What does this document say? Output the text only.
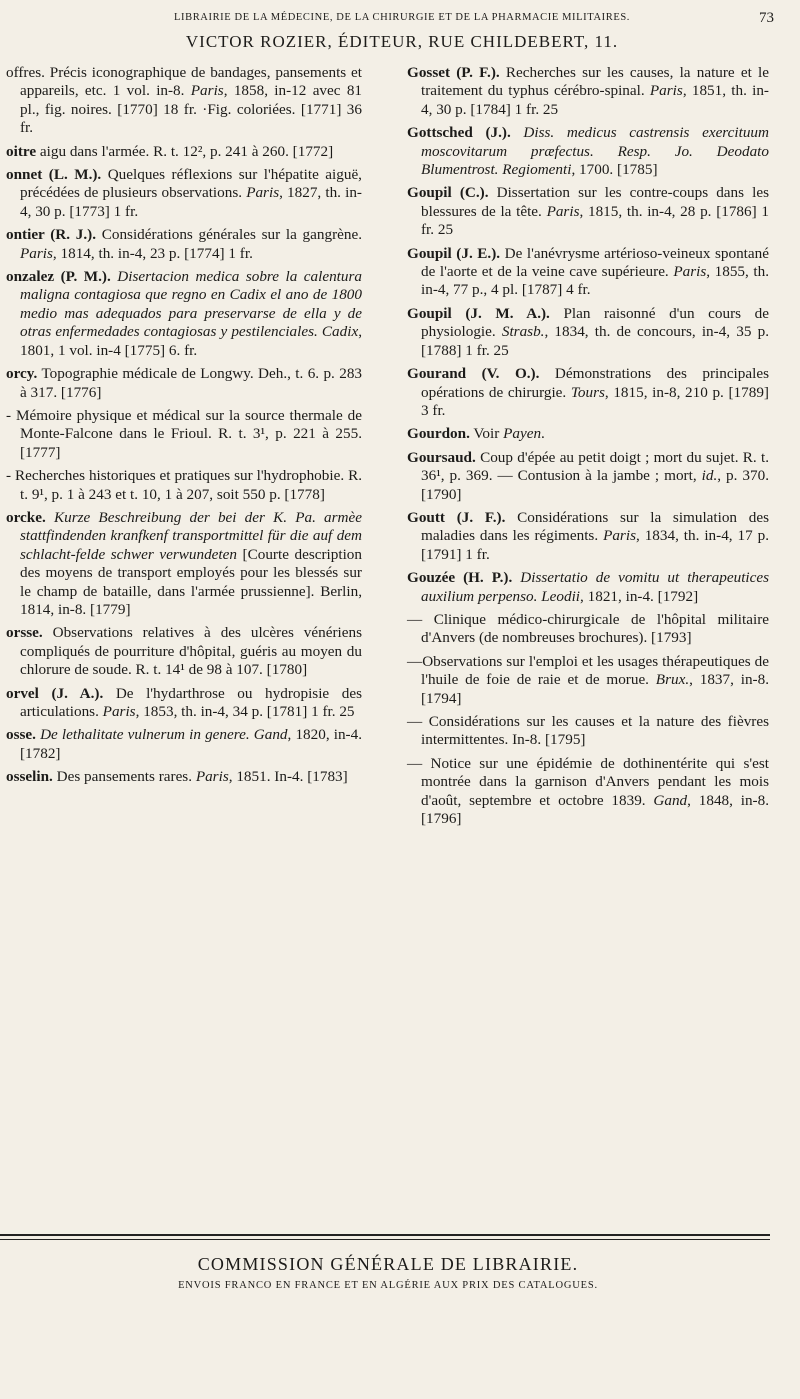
LIBRAIRIE DE LA MÉDECINE, DE LA CHIRURGIE ET DE LA PHARMACIE MILITAIRES.	73
VICTOR ROZIER, ÉDITEUR, RUE CHILDEBERT, 11.

offres. Précis iconographique de bandages, pansements et appareils, etc. 1 vol. in-8. Paris, 1858, in-12 avec 81 pl., fig. noires. [1770] 18 fr. ·Fig. coloriées. [1771] 36 fr.

oitre aigu dans l'armée. R. t. 12², p. 241 à 260. [1772]

onnet (L. M.). Quelques réflexions sur l'hépatite aiguë, précédées de plusieurs observations. Paris, 1827, th. in-4, 30 p. [1773] 1 fr.

ontier (R. J.). Considérations générales sur la gangrène. Paris, 1814, th. in-4, 23 p. [1774] 1 fr.

onzalez (P. M.). Disertacion medica sobre la calentura maligna contagiosa que regno en Cadix el ano de 1800 medio mas adequados para preservarse de ella y de otras enfermedades contagiosas y pestilenciales. Cadix, 1801, 1 vol. in-4 [1775] 6. fr.

orcy. Topographie médicale de Longwy. Deh., t. 6. p. 283 à 317. [1776]

- Mémoire physique et médical sur la source thermale de Monte-Falcone dans le Frioul. R. t. 3¹, p. 221 à 255. [1777]

- Recherches historiques et pratiques sur l'hydrophobie. R. t. 9¹, p. 1 à 243 et t. 10, 1 à 207, soit 550 p. [1778]

orcke. Kurze Beschreibung der bei der K. Pa. armèe stattfindenden kranfkenf transportmittel für die auf dem schlacht-felde schwer verwundeten [Courte description des moyens de transport employés pour les blessés sur le champ de bataille, dans l'armée prussienne]. Berlin, 1814, in-8. [1779]

orsse. Observations relatives à des ulcères vénériens compliqués de pourriture d'hôpital, guéris au moyen du chlorure de soude. R. t. 14¹ de 98 à 107. [1780]

orvel (J. A.). De l'hydarthrose ou hydropisie des articulations. Paris, 1853, th. in-4, 34 p. [1781] 1 fr. 25

osse. De lethalitate vulnerum in genere. Gand, 1820, in-4. [1782]

osselin. Des pansements rares. Paris, 1851. In-4. [1783]

Gosset (P. F.). Recherches sur les causes, la nature et le traitement du typhus cérébro-spinal. Paris, 1851, th. in-4, 30 p. [1784] 1 fr. 25

Gottsched (J.). Diss. medicus castrensis exercituum moscovitarum præfectus. Resp. Jo. Deodato Blumentrost. Regiomenti, 1700. [1785]

Goupil (C.). Dissertation sur les contre-coups dans les blessures de la tête. Paris, 1815, th. in-4, 28 p. [1786] 1 fr. 25

Goupil (J. E.). De l'anévrysme artérioso-veineux spontané de l'aorte et de la veine cave supérieure. Paris, 1855, th. in-4, 77 p., 4 pl. [1787] 4 fr.

Goupil (J. M. A.). Plan raisonné d'un cours de physiologie. Strasb., 1834, th. de concours, in-4, 35 p. [1788] 1 fr. 25

Gourand (V. O.). Démonstrations des principales opérations de chirurgie. Tours, 1815, in-8, 210 p. [1789] 3 fr.

Gourdon. Voir Payen.

Goursaud. Coup d'épée au petit doigt ; mort du sujet. R. t. 36¹, p. 369. — Contusion à la jambe ; mort, id., p. 370. [1790]

Goutt (J. F.). Considérations sur la simulation des maladies dans les régiments. Paris, 1834, th. in-4, 17 p. [1791] 1 fr.

Gouzée (H. P.). Dissertatio de vomitu ut therapeutices auxilium perpenso. Leodii, 1821, in-4. [1792]

— Clinique médico-chirurgicale de l'hôpital militaire d'Anvers (de nombreuses brochures). [1793]

—Observations sur l'emploi et les usages thérapeutiques de l'huile de foie de raie et de morue. Brux., 1837, in-8. [1794]

— Considérations sur les causes et la nature des fièvres intermittentes. In-8. [1795]

— Notice sur une épidémie de dothinentérite qui s'est montrée dans la garnison d'Anvers pendant les mois d'août, septembre et octobre 1839. Gand, 1848, in-8. [1796]

COMMISSION GÉNÉRALE DE LIBRAIRIE.
ENVOIS FRANCO EN FRANCE ET EN ALGÉRIE AUX PRIX DES CATALOGUES.
